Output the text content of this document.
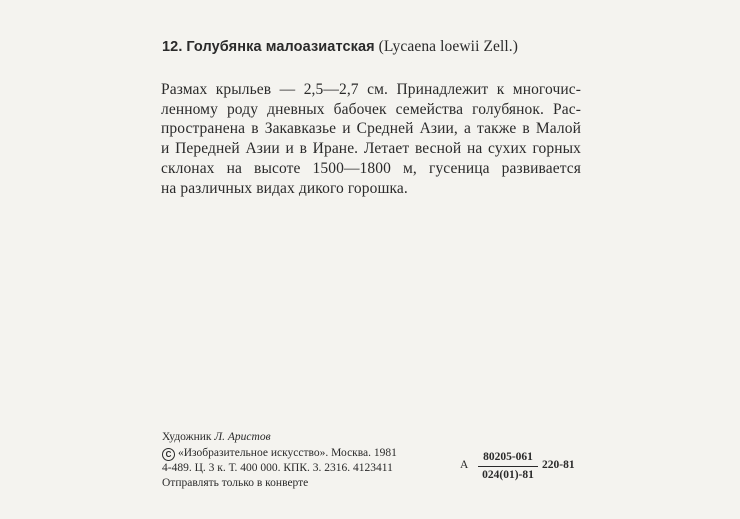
12. Голубянка малоазиатская (Lycaena loewii Zell.)
Размах крыльев — 2,5—2,7 см. Принадлежит к многочис-
ленному роду дневных бабочек семейства голубянок. Рас-
пространена в Закавказье и Средней Азии, а также в Малой
и Передней Азии и в Иране. Летает весной на сухих горных
склонах на высоте 1500—1800 м, гусеница развивается
на различных видах дикого горошка.
Художник Л. Аристов
C «Изобразительное искусство». Москва. 1981
4-489. Ц. 3 к. Т. 400 000. КПК. 3. 2316. 4123411
Отправлять только в конверте
А $\frac{80205-061}{024(01)-81} 220-81$
